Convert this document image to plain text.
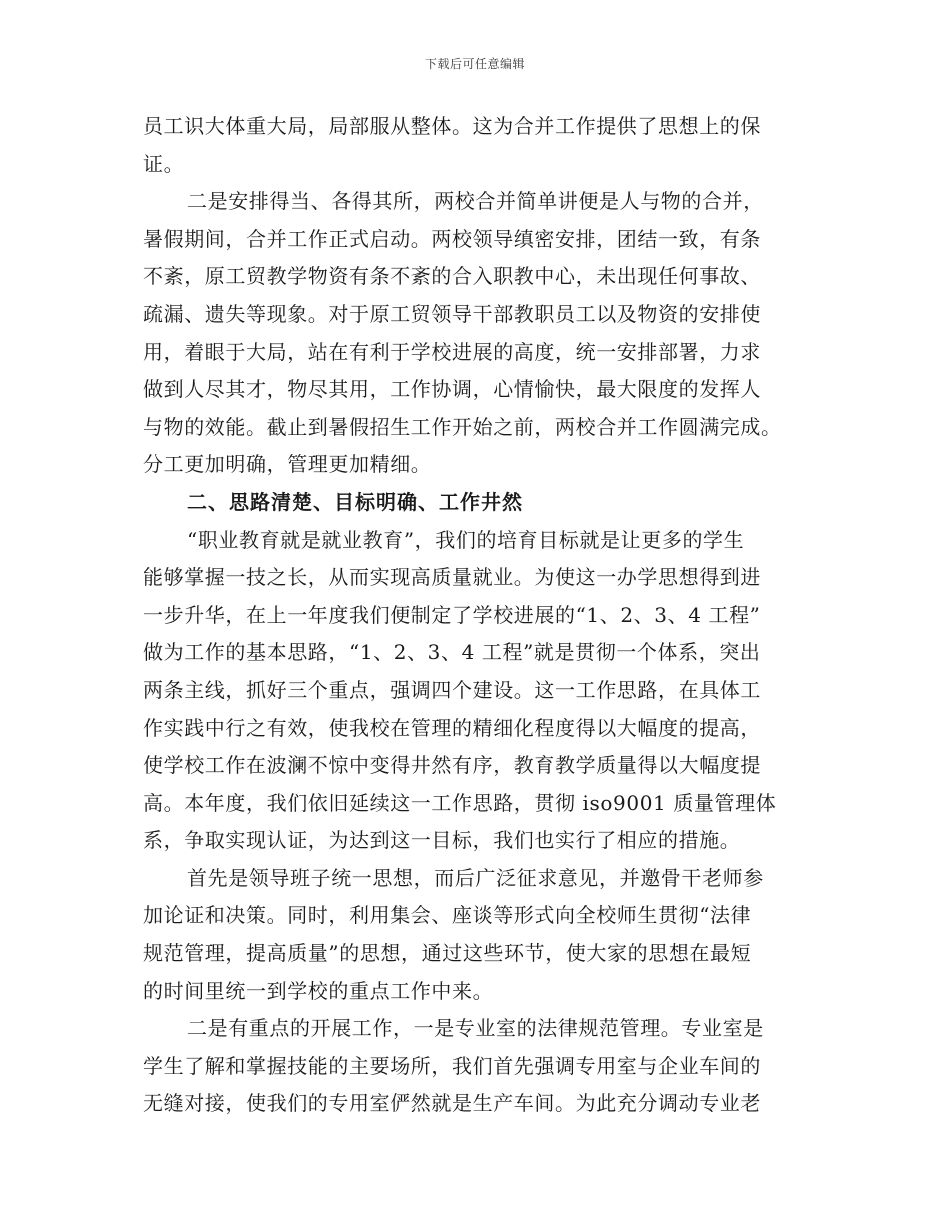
下载后可任意编辑
员工识大体重大局，局部服从整体。这为合并工作提供了思想上的保
证。
二是安排得当、各得其所，两校合并简单讲便是人与物的合并，
暑假期间，合并工作正式启动。两校领导缜密安排，团结一致，有条
不紊，原工贸教学物资有条不紊的合入职教中心，未出现任何事故、
疏漏、遗失等现象。对于原工贸领导干部教职员工以及物资的安排使
用，着眼于大局，站在有利于学校进展的高度，统一安排部署，力求
做到人尽其才，物尽其用，工作协调，心情愉快，最大限度的发挥人
与物的效能。截止到暑假招生工作开始之前，两校合并工作圆满完成。
分工更加明确，管理更加精细。
二、思路清楚、目标明确、工作井然
“职业教育就是就业教育”，我们的培育目标就是让更多的学生
能够掌握一技之长，从而实现高质量就业。为使这一办学思想得到进
一步升华，在上一年度我们便制定了学校进展的“1、2、3、4 工程”
做为工作的基本思路，“1、2、3、4 工程”就是贯彻一个体系，突出
两条主线，抓好三个重点，强调四个建设。这一工作思路，在具体工
作实践中行之有效，使我校在管理的精细化程度得以大幅度的提高，
使学校工作在波澜不惊中变得井然有序，教育教学质量得以大幅度提
高。本年度，我们依旧延续这一工作思路，贯彻 iso9001 质量管理体
系，争取实现认证，为达到这一目标，我们也实行了相应的措施。
首先是领导班子统一思想，而后广泛征求意见，并邀骨干老师参
加论证和决策。同时，利用集会、座谈等形式向全校师生贯彻“法律
规范管理，提高质量”的思想，通过这些环节，使大家的思想在最短
的时间里统一到学校的重点工作中来。
二是有重点的开展工作，一是专业室的法律规范管理。专业室是
学生了解和掌握技能的主要场所，我们首先强调专用室与企业车间的
无缝对接，使我们的专用室俨然就是生产车间。为此充分调动专业老
